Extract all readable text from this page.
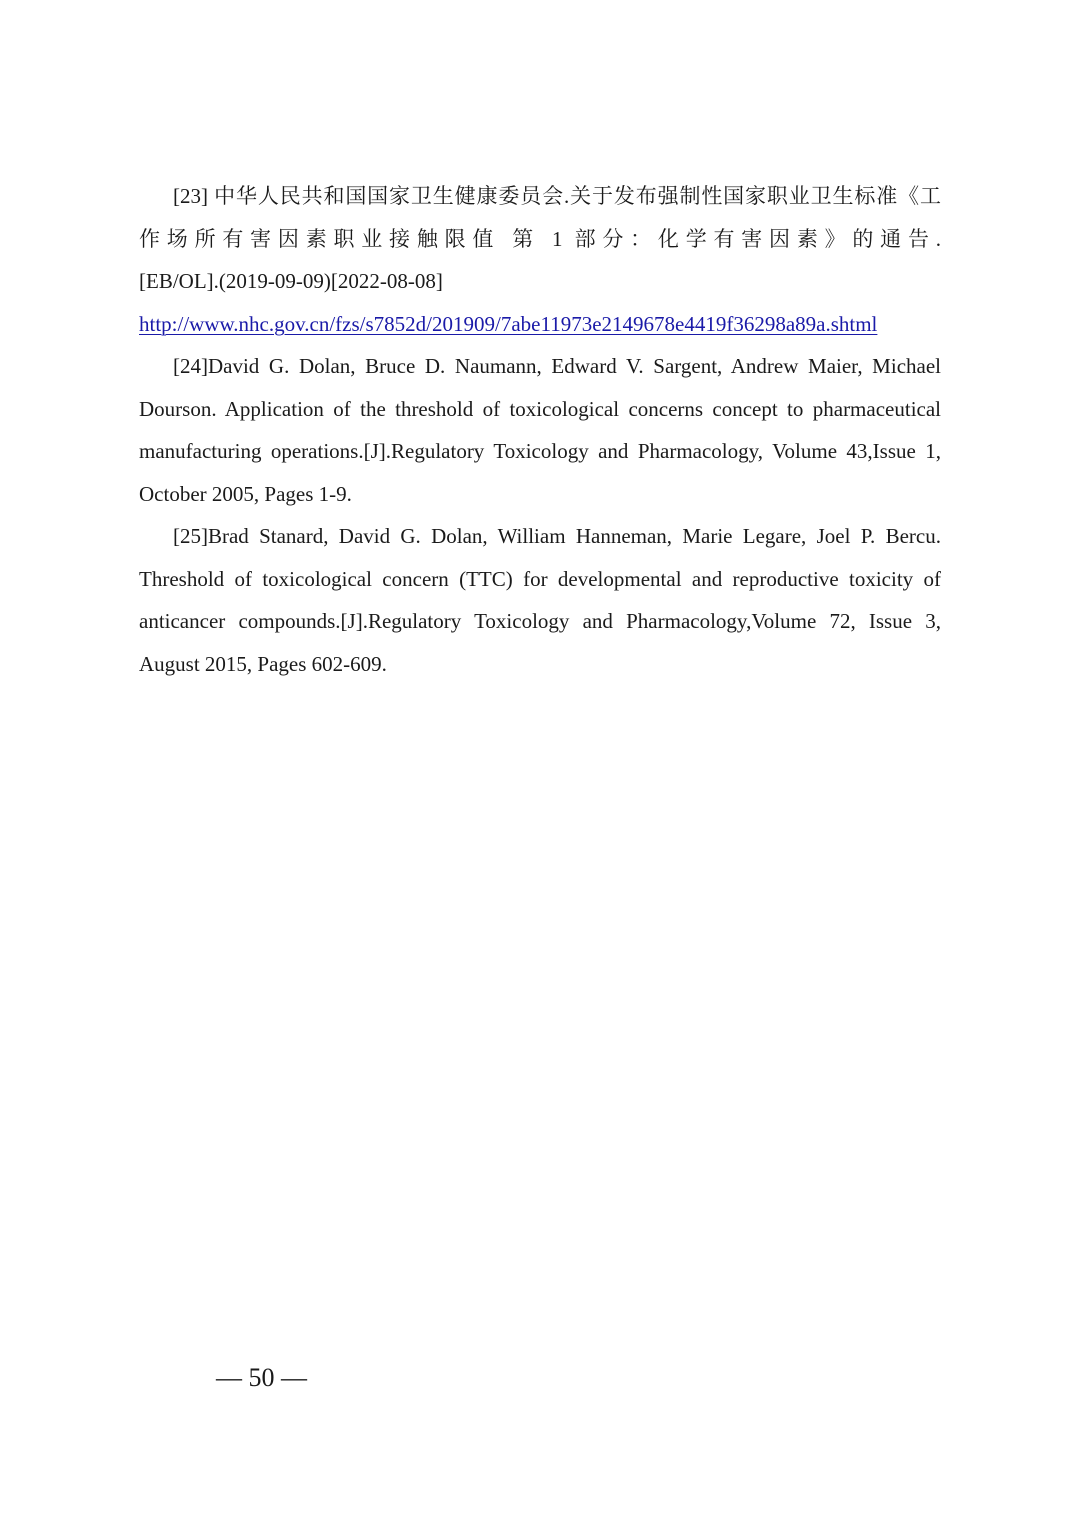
[23] 中华人民共和国国家卫生健康委员会.关于发布强制性国家职业卫生标准《工
作场所有害因素职业接触限值 第 1 部分：化学有害因素》的通告.
[EB/OL].(2019-09-09)[2022-08-08]
http://www.nhc.gov.cn/fzs/s7852d/201909/7abe11973e2149678e4419f36298a89a.shtml

[24]David G. Dolan, Bruce D. Naumann, Edward V. Sargent, Andrew Maier, Michael Dourson. Application of the threshold of toxicological concerns concept to pharmaceutical manufacturing operations.[J].Regulatory Toxicology and Pharmacology, Volume 43,Issue 1, October 2005, Pages 1-9.

[25]Brad Stanard, David G. Dolan, William Hanneman, Marie Legare, Joel P. Bercu. Threshold of toxicological concern (TTC) for developmental and reproductive toxicity of anticancer compounds.[J].Regulatory Toxicology and Pharmacology,Volume 72, Issue 3, August 2015, Pages 602-609.

— 50 —
